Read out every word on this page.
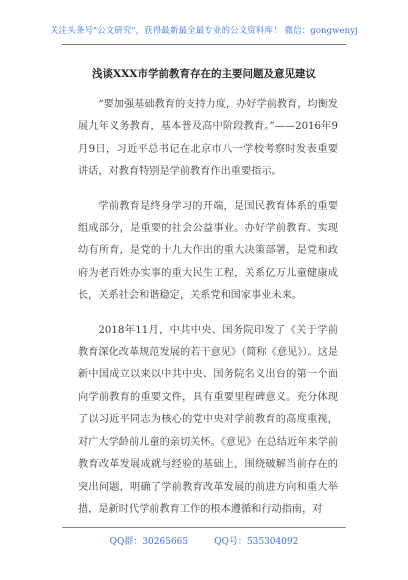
关注头条号"公文研究"，获得最新最全最专业的公文资料库！ 微信：gongwenyj
浅谈XXX市学前教育存在的主要问题及意见建议

“要加强基础教育的支持力度，办好学前教育，均衡发展九年义务教育，基本普及高中阶段教育。”——2016年9月9日，习近平总书记在北京市八一学校考察时发表重要讲话，对教育特别是学前教育作出重要指示。

学前教育是终身学习的开端，是国民教育体系的重要组成部分，是重要的社会公益事业。办好学前教育、实现幼有所育，是党的十九大作出的重大决策部署，是党和政府为老百姓办实事的重大民生工程，关系亿万儿童健康成长，关系社会和谐稳定，关系党和国家事业未来。

2018年11月，中共中央、国务院印发了《关于学前教育深化改革规范发展的若干意见》（简称《意见》）。这是新中国成立以来以中共中央、国务院名义出台的第一个面向学前教育的重要文件，具有重要里程碑意义。充分体现了以习近平同志为核心的党中央对学前教育的高度重视，对广大学龄前儿童的亲切关怀。《意见》在总结近年来学前教育改革发展成就与经验的基础上，围绕破解当前存在的突出问题，明确了学前教育改革发展的前进方向和重大举措，是新时代学前教育工作的根本遵循和行动指南，对

QQ群：30265665	QQ号：535304092
